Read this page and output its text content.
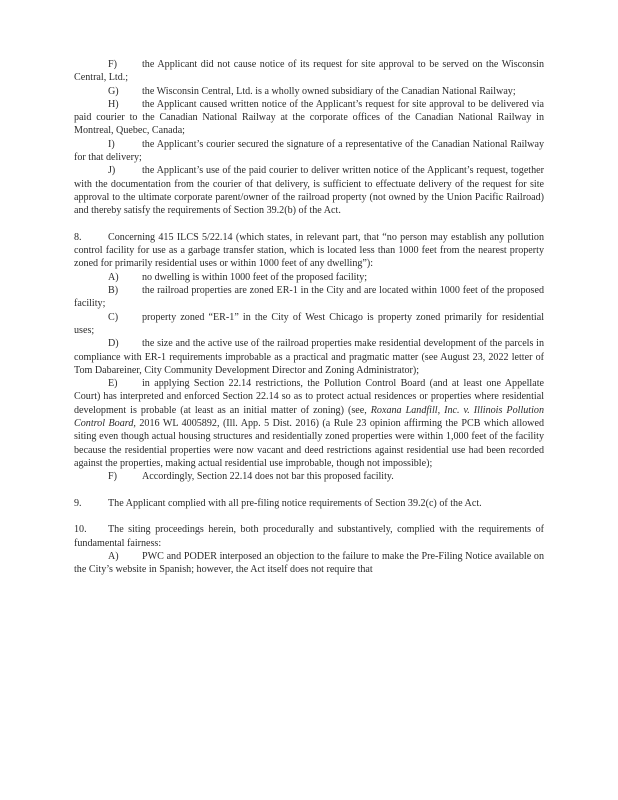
F) the Applicant did not cause notice of its request for site approval to be served on the Wisconsin Central, Ltd.;

G) the Wisconsin Central, Ltd. is a wholly owned subsidiary of the Canadian National Railway;

H) the Applicant caused written notice of the Applicant’s request for site approval to be delivered via paid courier to the Canadian National Railway at the corporate offices of the Canadian National Railway in Montreal, Quebec, Canada;

I)	the Applicant’s courier secured the signature of a representative of the Canadian National Railway for that delivery;

J)	the Applicant’s use of the paid courier to deliver written notice of the Applicant’s request, together with the documentation from the courier of that delivery, is sufficient to effectuate delivery of the request for site approval to the ultimate corporate parent/owner of the railroad property (not owned by the Union Pacific Railroad) and thereby satisfy the requirements of Section 39.2(b) of the Act.

8.	Concerning 415 ILCS 5/22.14 (which states, in relevant part, that “no person may establish any pollution control facility for use as a garbage transfer station, which is located less than 1000 feet from the nearest property zoned for primarily residential uses or within 1000 feet of any dwelling”):

A) no dwelling is within 1000 feet of the proposed facility;

B) the railroad properties are zoned ER-1 in the City and are located within 1000 feet of the proposed facility;

C) property zoned “ER-1” in the City of West Chicago is property zoned primarily for residential uses;

D) the size and the active use of the railroad properties make residential development of the parcels in compliance with ER-1 requirements improbable as a practical and pragmatic matter (see August 23, 2022 letter of Tom Dabareiner, City Community Development Director and Zoning Administrator);

E) in applying Section 22.14 restrictions, the Pollution Control Board (and at least one Appellate Court) has interpreted and enforced Section 22.14 so as to protect actual residences or properties where residential development is probable (at least as an initial matter of zoning) (see, Roxana Landfill, Inc. v. Illinois Pollution Control Board, 2016 WL 4005892, (Ill. App. 5 Dist. 2016) (a Rule 23 opinion affirming the PCB which allowed siting even though actual housing structures and residentially zoned properties were within 1,000 feet of the facility because the residential properties were now vacant and deed restrictions against residential use had been recorded against the properties, making actual residential use improbable, though not impossible);

F) Accordingly, Section 22.14 does not bar this proposed facility.

9.	The Applicant complied with all pre-filing notice requirements of Section 39.2(c) of the Act.

10. The siting proceedings herein, both procedurally and substantively, complied with the requirements of fundamental fairness:

A) PWC and PODER interposed an objection to the failure to make the Pre-Filing Notice available on the City’s website in Spanish; however, the Act itself does not require that
